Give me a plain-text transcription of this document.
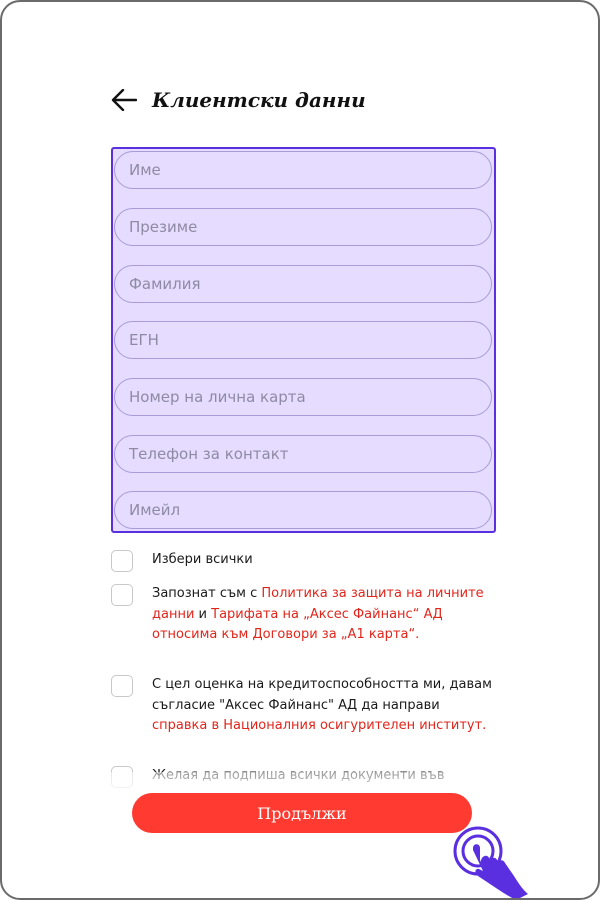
Клиентски данни
Име
Презиме
Фамилия
ЕГН
Номер на лична карта
Телефон за контакт
Имейл
Избери всички
Запознат съм с Политика за защита на личните данни и Тарифата на „Аксес Файнанс“ АД относима към Договори за „А1 карта“.
С цел оценка на кредитоспособността ми, давам съгласие "Аксес Файнанс" АД да направи справка в Националния осигурителен институт.
Продължи
